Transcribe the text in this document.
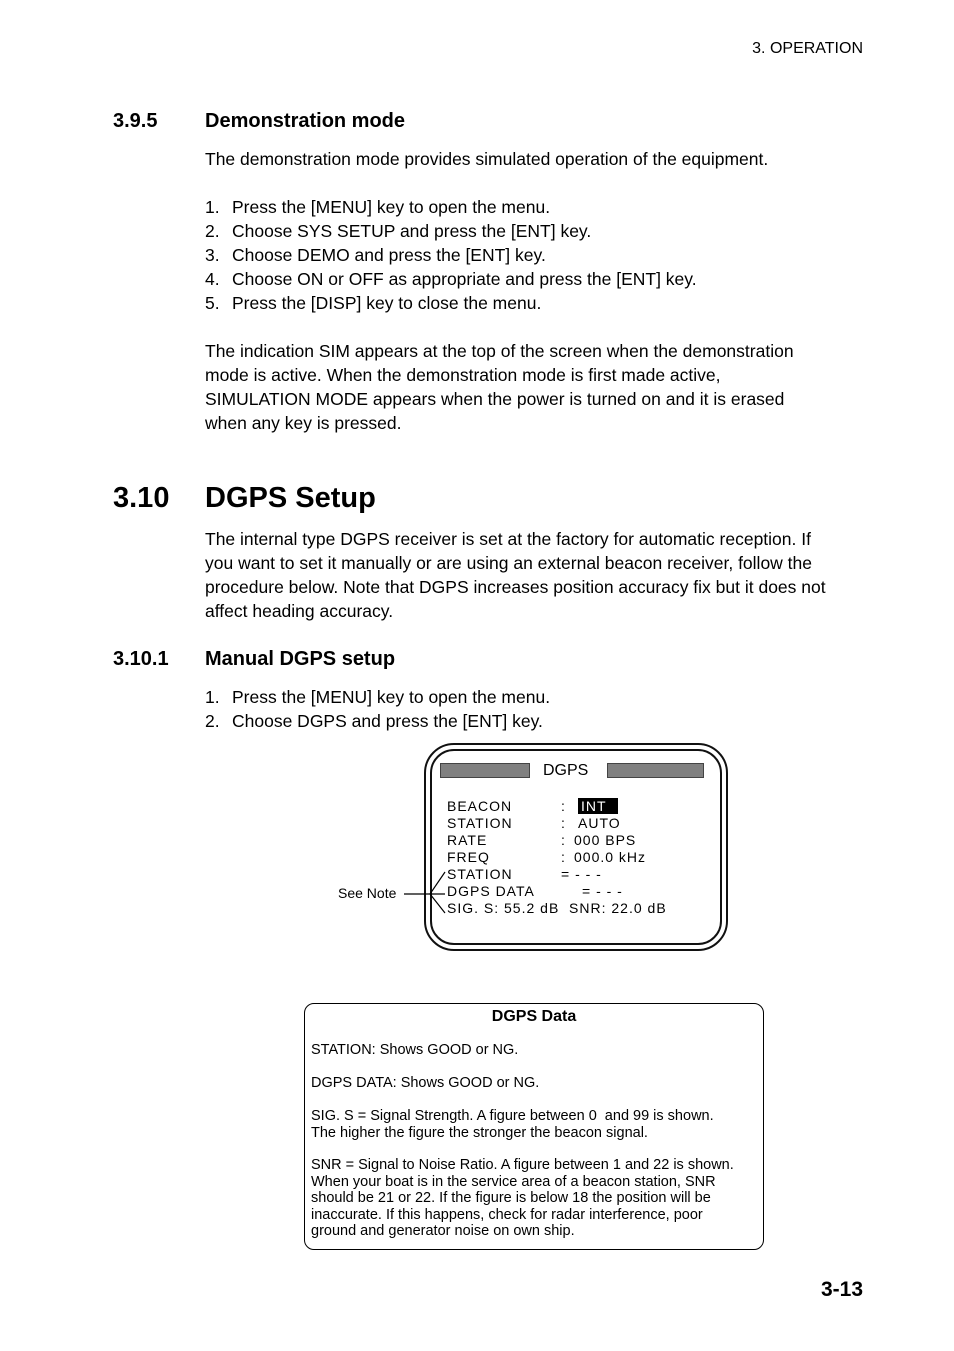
3. OPERATION
3.9.5 Demonstration mode
The demonstration mode provides simulated operation of the equipment.
1. Press the [MENU] key to open the menu.
2. Choose SYS SETUP and press the [ENT] key.
3. Choose DEMO and press the [ENT] key.
4. Choose ON or OFF as appropriate and press the [ENT] key.
5. Press the [DISP] key to close the menu.
The indication SIM appears at the top of the screen when the demonstration
mode is active. When the demonstration mode is first made active,
SIMULATION MODE appears when the power is turned on and it is erased
when any key is pressed.
3.10 DGPS Setup
The internal type DGPS receiver is set at the factory for automatic reception. If
you want to set it manually or are using an external beacon receiver, follow the
procedure below. Note that DGPS increases position accuracy fix but it does not
affect heading accuracy.
3.10.1 Manual DGPS setup
1. Press the [MENU] key to open the menu.
2. Choose DGPS and press the [ENT] key.
DGPS
BEACON	: INT
STATION	: AUTO
RATE	: 000 BPS
FREQ	: 000.0 kHz
STATION	= - - -
DGPS DATA	= - - -
SIG. S: 55.2 dB  SNR: 22.0 dB
See Note
DGPS Data
STATION: Shows GOOD or NG.
DGPS DATA: Shows GOOD or NG.
SIG. S = Signal Strength. A figure between 0  and 99 is shown.
The higher the figure the stronger the beacon signal.
SNR = Signal to Noise Ratio. A figure between 1 and 22 is shown.
When your boat is in the service area of a beacon station, SNR
should be 21 or 22. If the figure is below 18 the position will be
inaccurate. If this happens, check for radar interference, poor
ground and generator noise on own ship.
3-13
